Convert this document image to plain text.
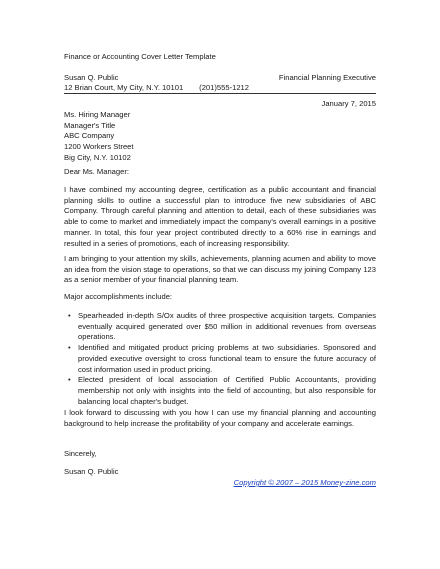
Finance or Accounting Cover Letter Template
Susan Q. Public	Financial Planning Executive
12 Brian Court, My City, N.Y. 10101 (201)555-1212
January 7, 2015
Ms. Hiring Manager
Manager's Title
ABC Company
1200 Workers Street
Big City, N.Y. 10102
Dear Ms. Manager:
I have combined my accounting degree, certification as a public accountant and financial planning skills to outline a successful plan to introduce five new subsidiaries of ABC Company. Through careful planning and attention to detail, each of these subsidiaries was able to come to market and immediately impact the company's overall earnings in a positive manner. In total, this four year project contributed directly to a 60% rise in earnings and resulted in a series of promotions, each of increasing responsibility.
I am bringing to your attention my skills, achievements, planning acumen and ability to move an idea from the vision stage to operations, so that we can discuss my joining Company 123 as a senior member of your financial planning team.
Major accomplishments include:
• Spearheaded in-depth S/Ox audits of three prospective acquisition targets. Companies eventually acquired generated over $50 million in additional revenues from overseas operations.
• Identified and mitigated product pricing problems at two subsidiaries. Sponsored and provided executive oversight to cross functional team to ensure the future accuracy of cost information used in product pricing.
• Elected president of local association of Certified Public Accountants, providing membership not only with insights into the field of accounting, but also responsible for balancing local chapter's budget.
I look forward to discussing with you how I can use my financial planning and accounting background to help increase the profitability of your company and accelerate earnings.
Sincerely,
Susan Q. Public
Copyright © 2007 – 2015 Money-zine.com
